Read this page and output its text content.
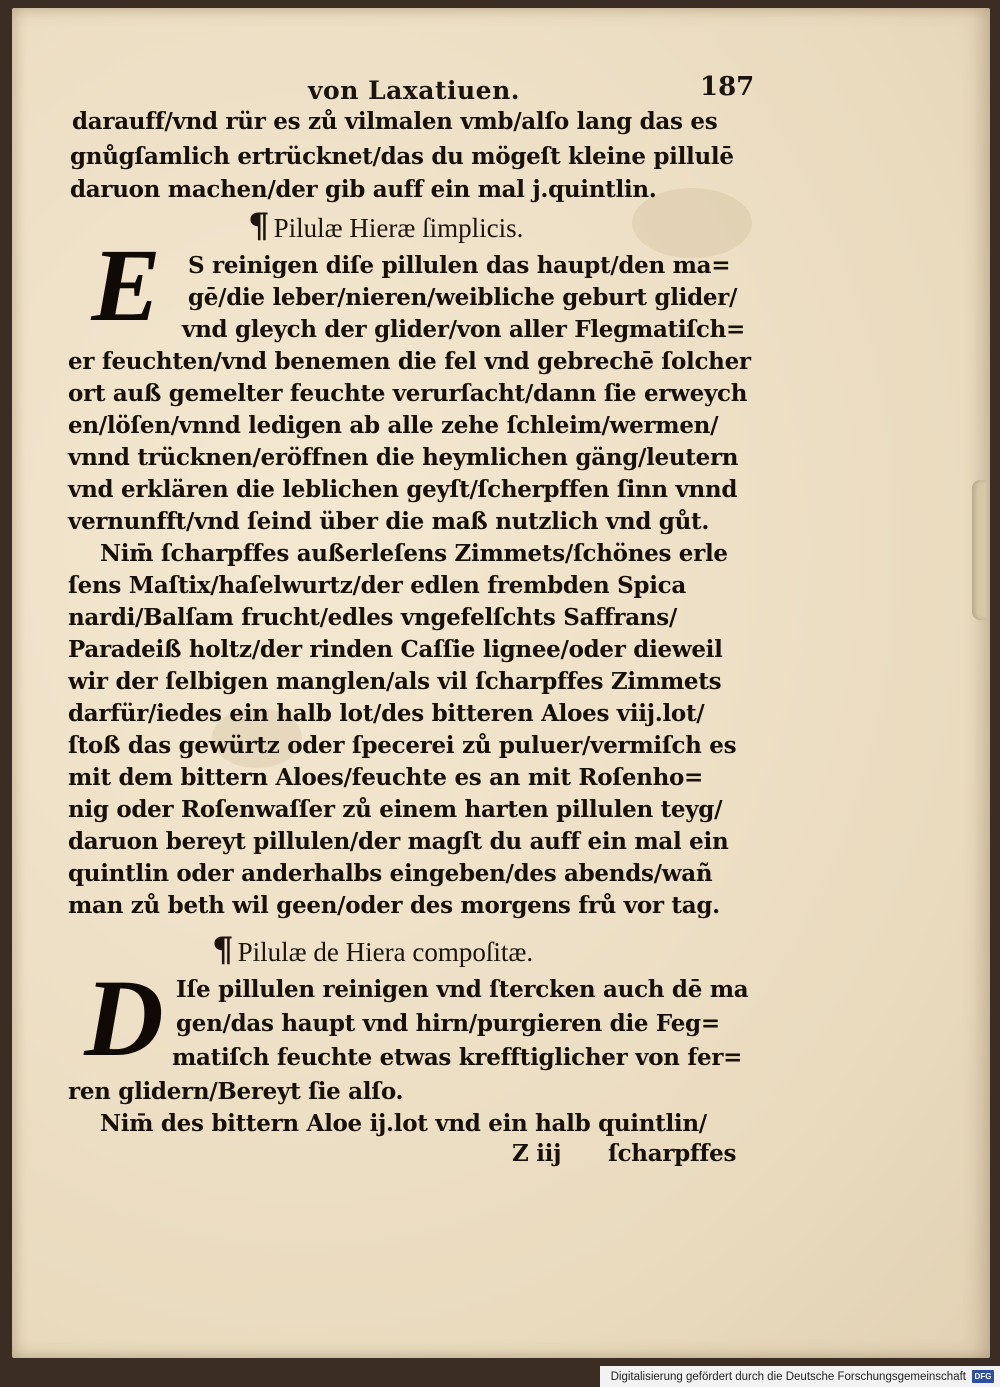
von Laxatiuen.	187
darauff/vnd rür es zů vilmalen vmb/alſo lang das es
gnůgſamlich ertrücknet/das du mögeſt kleine pillulē
daruon machen/der gib auff ein mal j.quintlin.
¶ Pilulæ Hieræ ſimplicis.
E	S reinigen diſe pillulen das haupt/den ma=
gē/die leber/nieren/weibliche geburt glider/
vnd gleych der glider/von aller Flegmatiſch=
er feuchten/vnd benemen die fel vnd gebrechē ſolcher
ort auß gemelter feuchte verurſacht/dann ſie erweych
en/löſen/vnnd ledigen ab alle zehe ſchleim/wermen/
vnnd trücknen/eröffnen die heymlichen gäng/leutern
vnd erklären die leblichen geyſt/ſcherpffen ſinn vnnd
vernunfft/vnd ſeind über die maß nutzlich vnd gůt.
Nim̄ ſcharpffes außerleſens Zimmets/ſchönes erle
ſens Maſtix/haſelwurtz/der edlen frembden Spica
nardi/Balſam frucht/edles vngefelſchts Saffrans/
Paradeiß holtz/der rinden Caſſie lignee/oder dieweil
wir der ſelbigen manglen/als vil ſcharpffes Zimmets
darfür/iedes ein halb lot/des bitteren Aloes viij.lot/
ſtoß das gewürtz oder ſpecerei zů puluer/vermiſch es
mit dem bittern Aloes/feuchte es an mit Roſenho=
nig oder Roſenwaſſer zů einem harten pillulen teyg/
daruon bereyt pillulen/der magſt du auff ein mal ein
quintlin oder anderhalbs eingeben/des abends/wañ
man zů beth wil geen/oder des morgens frů vor tag.
¶ Pilulæ de Hiera compoſitæ.
D Iſe pillulen reinigen vnd ſtercken auch dē ma
gen/das haupt vnd hirn/purgieren die Feg=
matiſch feuchte etwas krefftiglicher von fer=
ren glidern/Bereyt ſie alſo.
Nim̄ des bittern Aloe ij.lot vnd ein halb quintlin/
Z iij ſcharpffes
Digitalisierung gefördert durch die Deutsche Forschungsgemeinschaft	DFG
